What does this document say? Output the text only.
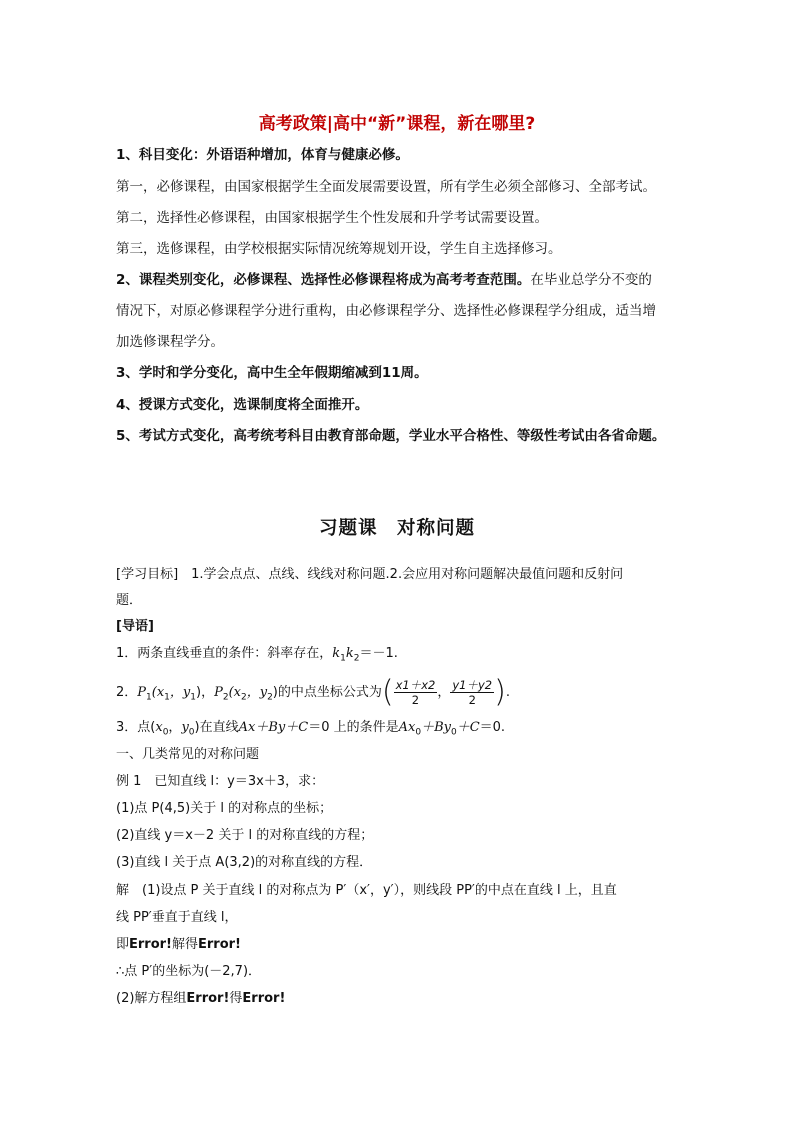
高考政策|高中“新”课程，新在哪里?
1、科目变化：外语语种增加，体育与健康必修。
第一，必修课程，由国家根据学生全面发展需要设置，所有学生必须全部修习、全部考试。
第二，选择性必修课程，由国家根据学生个性发展和升学考试需要设置。
第三，选修课程，由学校根据实际情况统筹规划开设，学生自主选择修习。
2、课程类别变化，必修课程、选择性必修课程将成为高考考查范围。在毕业总学分不变的
情况下，对原必修课程学分进行重构，由必修课程学分、选择性必修课程学分组成，适当增
加选修课程学分。
3、学时和学分变化，高中生全年假期缩减到11周。
4、授课方式变化，选课制度将全面推开。
5、考试方式变化，高考统考科目由教育部命题，学业水平合格性、等级性考试由各省命题。
习题课　对称问题
[学习目标]　1.学会点点、点线、线线对称问题.2.会应用对称问题解决最值问题和反射问
题．
[导语]
1．两条直线垂直的条件：斜率存在，$k_1k_2=-1$.
2．$P_1(x_1$，$y_1$)，$P_2(x_2$，$y_2$)的中点坐标公式为( $\frac{x1+x2}{2}$ ， $\frac{y1+y2}{2}$ ).
3．点($x_0$，$y_0$)在直线Ax＋By＋C＝0 上的条件是$Ax_0+By_0+C=0$.
一、几类常见的对称问题
例 1　已知直线 l：y＝3x＋3，求：
(1)点 P(4,5)关于 l 的对称点的坐标；
(2)直线 y＝x－2 关于 l 的对称直线的方程；
(3)直线 l 关于点 A(3,2)的对称直线的方程．
解　(1)设点 P 关于直线 l 的对称点为 P′（x′，y′），则线段 PP′的中点在直线 l 上，且直
线 PP′垂直于直线 l，
即Error!解得Error!
∴点 P′的坐标为(－2,7)．
(2)解方程组Error!得Error!
